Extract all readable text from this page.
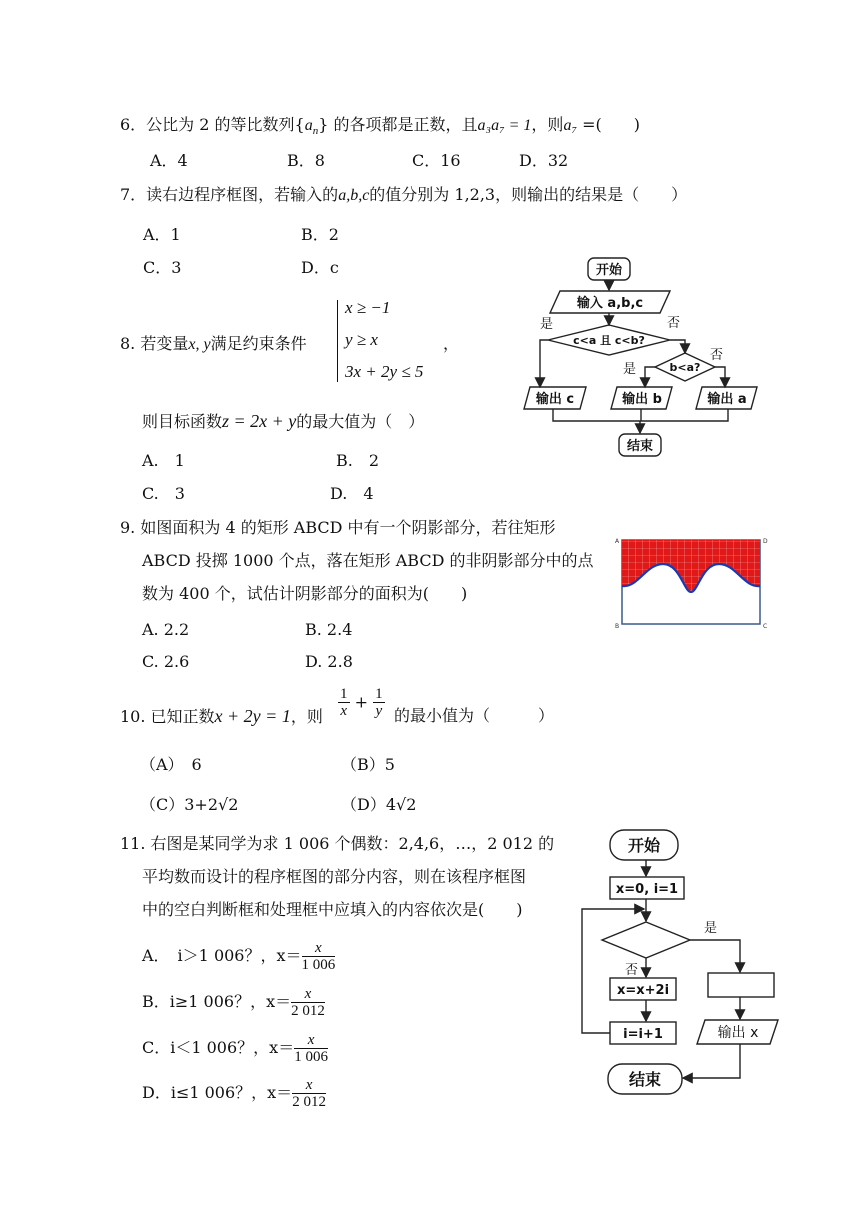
6．公比为 2 的等比数列$\{a_n\}$ 的各项都是正数，且a₃a₇ = 1，则a₇ =(　　)
A．4	B．8	C．16	D．32
7．读右边程序框图，若输入的a,b,c的值分别为 1,2,3，则输出的结果是（　　）
A．1	B．2
C．3	D．c	开始
输入 a,b,c
c<a 且 c<b?
b<a?
输出 c	输出 b	输出 a
结束
是	否
是
否
8. 若变量x, y满足约束条件
x ≥ −1
y ≥ x
3x + 2y ≤ 5
，
则目标函数z = 2x + y的最大值为（　）
A.　1	B.　2
C.　3	D.　4
9. 如图面积为 4 的矩形 ABCD 中有一个阴影部分，若往矩形
ABCD 投掷 1000 个点，落在矩形 ABCD 的非阴影部分中的点
数为 400 个，试估计阴影部分的面积为(　　)
A. 2.2	B. 2.4
C. 2.6	D. 2.8
A
B	C
D
10. 已知正数x + 2y = 1，则 $\frac{1}{x} + \frac{1}{y}$ 的最小值为（　　　）
（A）　6	（B）5
（C）3+2√2	（D）4√2
11. 右图是某同学为求 1 006 个偶数：2,4,6，…，2 012 的
平均数而设计的程序框图的部分内容，则在该程序框图
中的空白判断框和处理框中应填入的内容依次是(　　)
A．　i＞1 006？，$x= \frac{x}{1 006}$
B．i≥1 006？，$x= \frac{x}{2 012}$
C．i＜1 006？，$x= \frac{x}{1 006}$
D．i≤1 006？，$x= \frac{x}{2 012}$
开始
x=0, i=1
x=x+2i
i=i+1	输出 x
结束
是
否
